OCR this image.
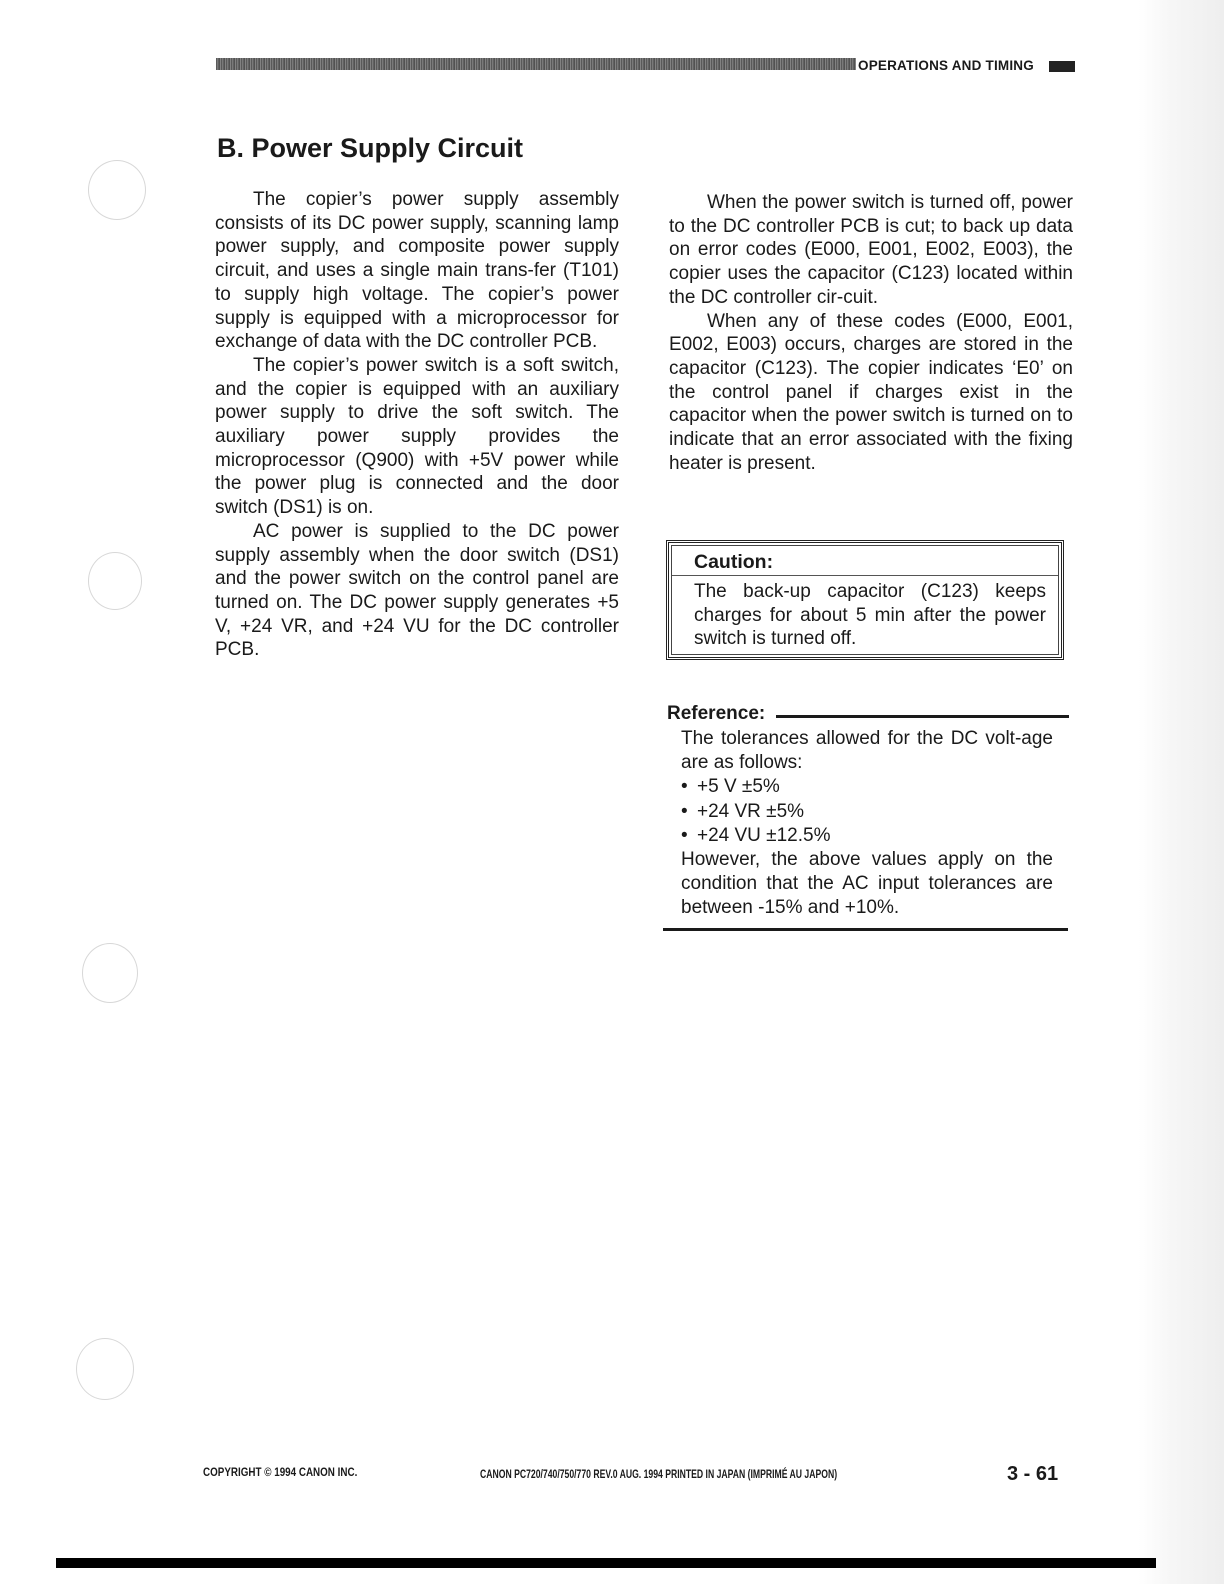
OPERATIONS AND TIMING
B. Power Supply Circuit

The copier’s power supply assembly consists of its DC power supply, scanning lamp power supply, and composite power supply circuit, and uses a single main trans-fer (T101) to supply high voltage. The copier’s power supply is equipped with a microprocessor for exchange of data with the DC controller PCB.

The copier’s power switch is a soft switch, and the copier is equipped with an auxiliary power supply to drive the soft switch. The auxiliary power supply provides the microprocessor (Q900) with +5V power while the power plug is connected and the door switch (DS1) is on.

AC power is supplied to the DC power supply assembly when the door switch (DS1) and the power switch on the control panel are turned on. The DC power supply generates +5 V, +24 VR, and +24 VU for the DC controller PCB.

When the power switch is turned off, power to the DC controller PCB is cut; to back up data on error codes (E000, E001, E002, E003), the copier uses the capacitor (C123) located within the DC controller cir-cuit.

When any of these codes (E000, E001, E002, E003) occurs, charges are stored in the capacitor (C123). The copier indicates ‘E0’ on the control panel if charges exist in the capacitor when the power switch is turned on to indicate that an error associated with the fixing heater is present.

Caution:
The back-up capacitor (C123) keeps charges for about 5 min after the power switch is turned off.
Reference:

The tolerances allowed for the DC volt-age are as follows:

• +5 V ±5%
• +24 VR ±5%
• +24 VU ±12.5%

However, the above values apply on the condition that the AC input tolerances are between -15% and +10%.

COPYRIGHT © 1994 CANON INC.	CANON PC720/740/750/770 REV.0 AUG. 1994 PRINTED IN JAPAN (IMPRIMÉ AU JAPON)	3 - 61
